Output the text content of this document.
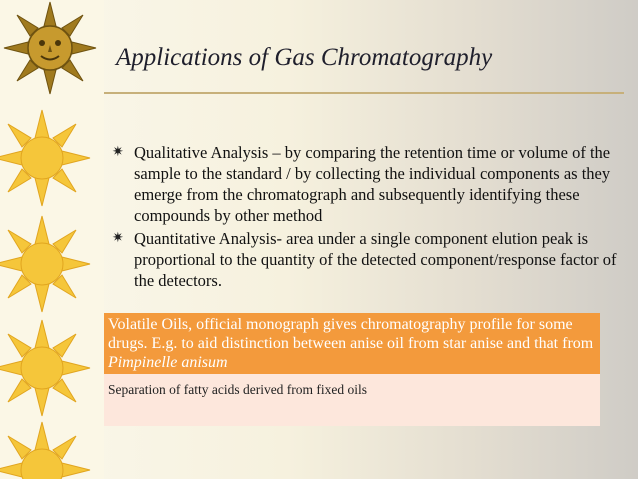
Applications of Gas Chromatography
✷ Qualitative Analysis – by comparing the retention time or volume of the sample to the standard / by collecting the individual components as they emerge from the chromatograph and subsequently identifying these compounds by other method
✷ Quantitative Analysis- area under a single component elution peak is proportional to the quantity of the detected component/response factor of the detectors.
Volatile Oils, official monograph gives chromatography profile for some drugs. E.g. to aid distinction between anise oil from star anise and that from Pimpinelle anisum
Separation of fatty acids derived from fixed oils
